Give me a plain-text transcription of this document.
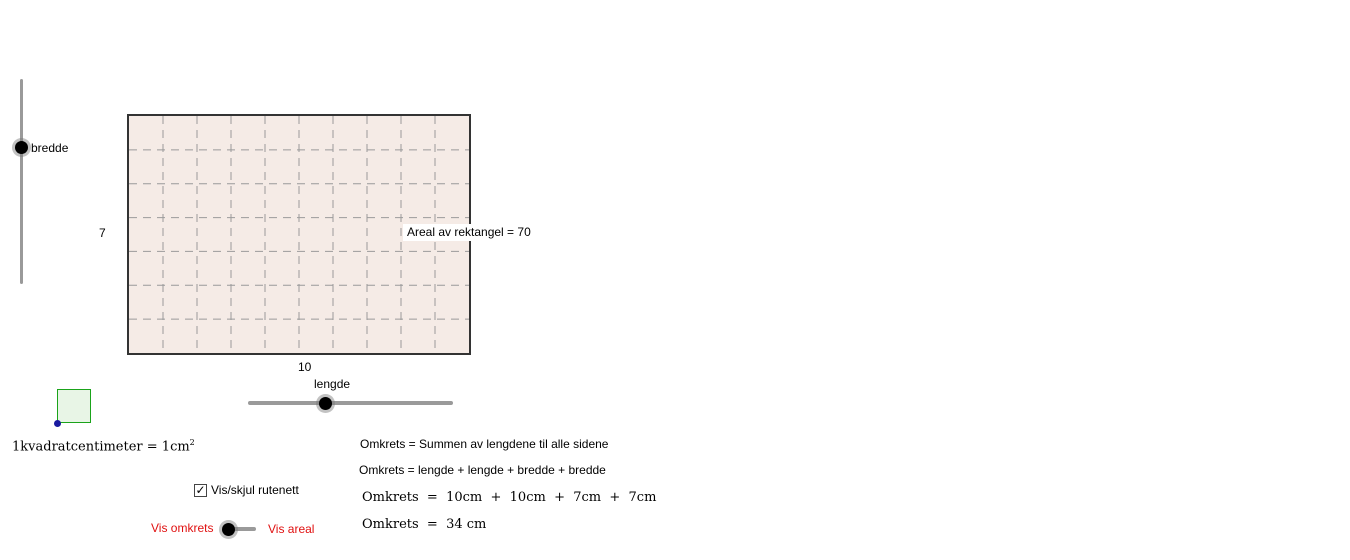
bredde
7
10
Areal av rektangel = 70
lengde
1kvadratcentimeter = $1cm^2$
✓ Vis/skjul rutenett
Vis omkrets	Vis areal
Omkrets = Summen av lengdene til alle sidene
Omkrets = lengde + lengde + bredde + bredde
Omkrets  =  10cm  +  10cm  +  7cm  +  7cm
Omkrets  =  34 cm
